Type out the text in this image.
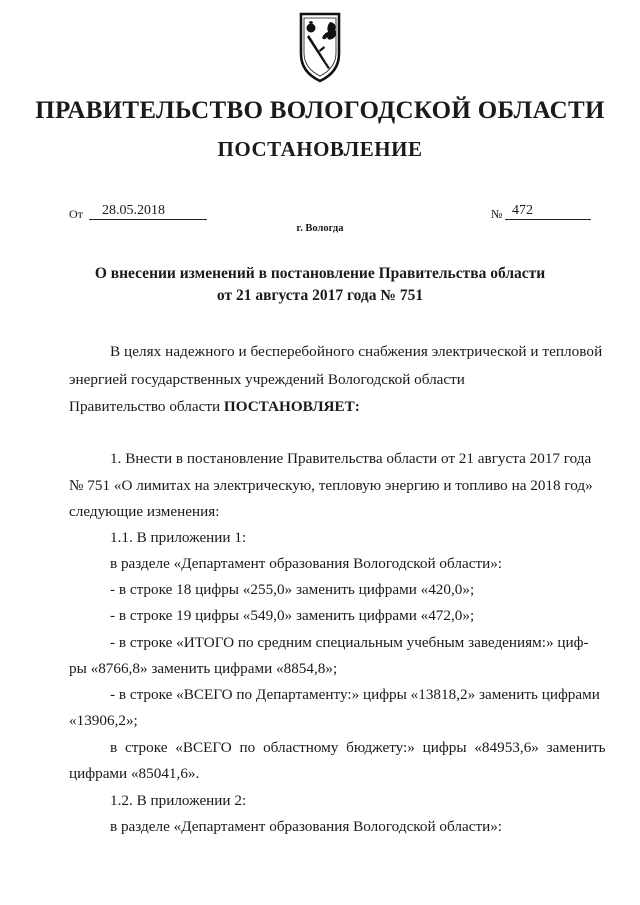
ПРАВИТЕЛЬСТВО ВОЛОГОДСКОЙ ОБЛАСТИ
ПОСТАНОВЛЕНИЕ
От 28.05.2018	№ 472
г. Вологда
О внесении изменений в постановление Правительства области
от 21 августа 2017 года № 751
В целях надежного и бесперебойного снабжения электрической и тепловой
энергией государственных учреждений Вологодской области
Правительство области ПОСТАНОВЛЯЕТ:
1. Внести в постановление Правительства области от 21 августа 2017 года
№ 751 «О лимитах на электрическую, тепловую энергию и топливо на 2018 год»
следующие изменения:
1.1. В приложении 1:
в разделе «Департамент образования Вологодской области»:
- в строке 18 цифры «255,0» заменить цифрами «420,0»;
- в строке 19 цифры «549,0» заменить цифрами «472,0»;
- в строке «ИТОГО по средним специальным учебным заведениям:» циф-
ры «8766,8» заменить цифрами «8854,8»;
- в строке «ВСЕГО по Департаменту:» цифры «13818,2» заменить цифрами
«13906,2»;
в строке «ВСЕГО по областному бюджету:» цифры «84953,6» заменить
цифрами «85041,6».
1.2. В приложении 2:
в разделе «Департамент образования Вологодской области»:
